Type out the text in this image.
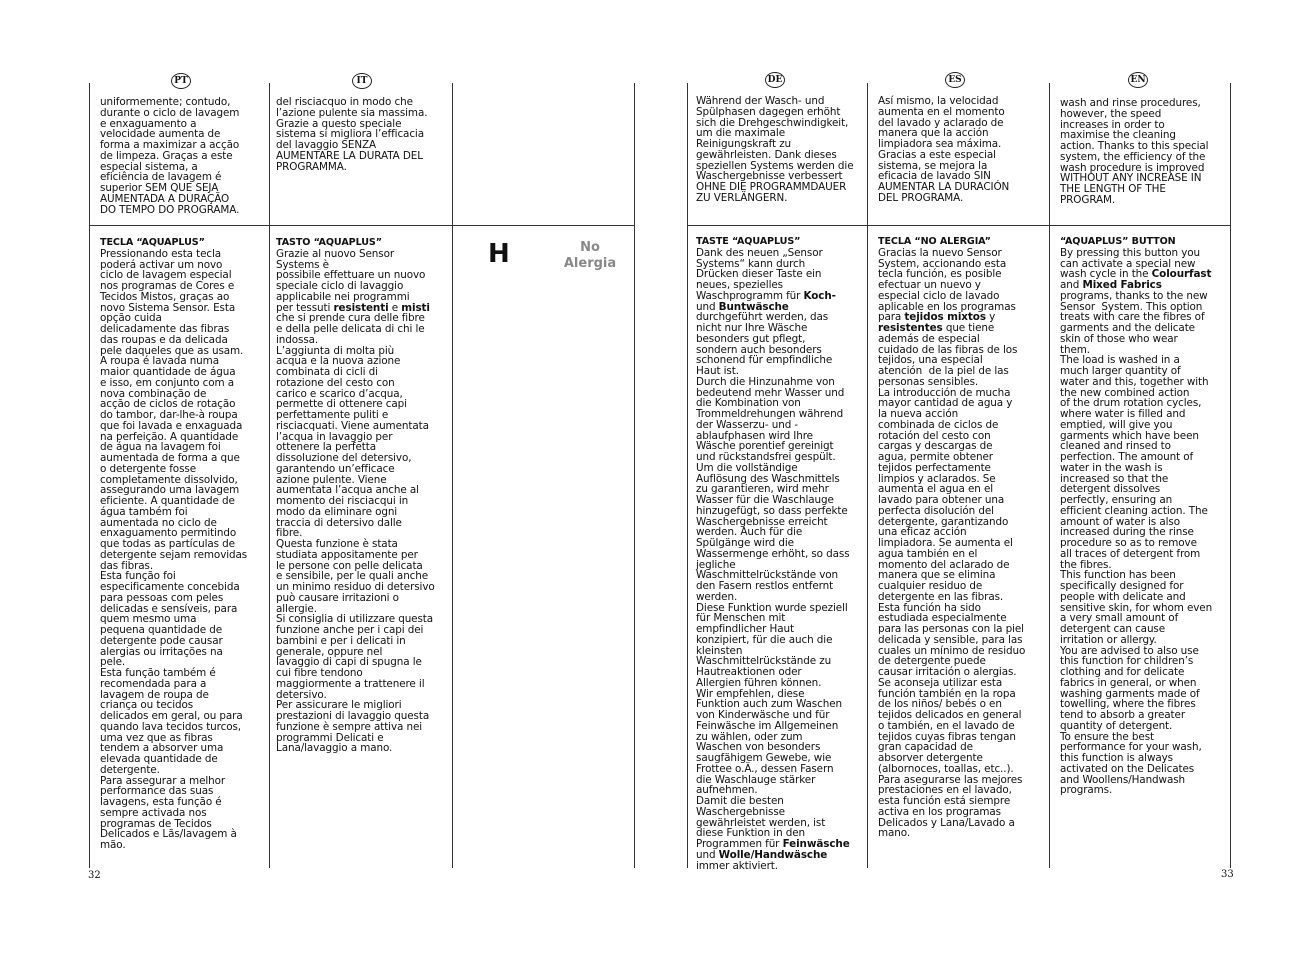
PT	IT	DE	ES	EN
uniformemente; contudo,
durante o ciclo de lavagem
e enxaguamento a
velocidade aumenta de
forma a maximizar a acção
de limpeza. Graças a este
especial sistema, a
eficiência de lavagem é
superior SEM QUE SEJA
AUMENTADA A DURAÇÃO
DO TEMPO DO PROGRAMA.
del risciacquo in modo che
l’azione pulente sia massima.
Grazie a questo speciale
sistema si migliora l’efficacia
del lavaggio SENZA
AUMENTARE LA DURATA DEL
PROGRAMMA.
Während der Wasch- und
Spülphasen dagegen erhöht
sich die Drehgeschwindigkeit,
um die maximale
Reinigungskraft zu
gewährleisten. Dank dieses
speziellen Systems werden die
Waschergebnisse verbessert
OHNE DIE PROGRAMMDAUER
ZU VERLÄNGERN.
Así mismo, la velocidad
aumenta en el momento
del lavado y aclarado de
manera que la acción
limpiadora sea máxima.
Gracias a este especial
sistema, se mejora la
eficacia de lavado SIN
AUMENTAR LA DURACIÓN
DEL PROGRAMA.
wash and rinse procedures,
however, the speed
increases in order to
maximise the cleaning
action. Thanks to this special
system, the efficiency of the
wash procedure is improved
WITHOUT ANY INCREASE IN
THE LENGTH OF THE
PROGRAM.
TECLA “AQUAPLUS”
Pressionando esta tecla
poderá activar um novo
ciclo de lavagem especial
nos programas de Cores e
Tecidos Mistos, graças ao
novo Sistema Sensor. Esta
opção cuida
delicadamente das fibras
das roupas e da delicada
pele daqueles que as usam.
A roupa é lavada numa
maior quantidade de água
e isso, em conjunto com a
nova combinação de
acção de ciclos de rotação
do tambor, dar-lhe-à roupa
que foi lavada e enxaguada
na perfeição. A quantidade
de água na lavagem foi
aumentada de forma a que
o detergente fosse
completamente dissolvido,
assegurando uma lavagem
eficiente. A quantidade de
água também foi
aumentada no ciclo de
enxaguamento permitindo
que todas as partículas de
detergente sejam removidas
das fibras.
Esta função foi
especificamente concebida
para pessoas com peles
delicadas e sensíveis, para
quem mesmo uma
pequena quantidade de
detergente pode causar
alergias ou irritações na
pele.
Esta função também é
recomendada para a
lavagem de roupa de
criança ou tecidos
delicados em geral, ou para
quando lava tecidos turcos,
uma vez que as fibras
tendem a absorver uma
elevada quantidade de
detergente.
Para assegurar a melhor
performance das suas
lavagens, esta função é
sempre activada nos
programas de Tecidos
Delicados e Lãs/lavagem à
mão.
TASTO “AQUAPLUS”
Grazie al nuovo Sensor
Systems è
possibile effettuare un nuovo
speciale ciclo di lavaggio
applicabile nei programmi
per tessuti resistenti e misti
che si prende cura delle fibre
e della pelle delicata di chi le
indossa.
L’aggiunta di molta più
acqua e la nuova azione
combinata di cicli di
rotazione del cesto con
carico e scarico d’acqua,
permette di ottenere capi
perfettamente puliti e
risciacquati. Viene aumentata
l’acqua in lavaggio per
ottenere la perfetta
dissoluzione del detersivo,
garantendo un’efficace
azione pulente. Viene
aumentata l’acqua anche al
momento dei risciacqui in
modo da eliminare ogni
traccia di detersivo dalle
fibre.
Questa funzione è stata
studiata appositamente per
le persone con pelle delicata
e sensibile, per le quali anche
un minimo residuo di detersivo
può causare irritazioni o
allergie.
Si consiglia di utilizzare questa
funzione anche per i capi dei
bambini e per i delicati in
generale, oppure nel
lavaggio di capi di spugna le
cui fibre tendono
maggiormente a trattenere il
detersivo.
Per assicurare le migliori
prestazioni di lavaggio questa
funzione è sempre attiva nei
programmi Delicati e
Lana/lavaggio a mano.
H	No
Alergia
TASTE “AQUAPLUS”
Dank des neuen „Sensor
Systems“ kann durch
Drücken dieser Taste ein
neues, spezielles
Waschprogramm für Koch-
und Buntwäsche
durchgeführt werden, das
nicht nur Ihre Wäsche
besonders gut pflegt,
sondern auch besonders
schonend für empfindliche
Haut ist.
Durch die Hinzunahme von
bedeutend mehr Wasser und
die Kombination von
Trommeldrehungen während
der Wasserzu- und -
ablaufphasen wird Ihre
Wäsche porentief gereinigt
und rückstandsfrei gespült.
Um die vollständige
Auflösung des Waschmittels
zu garantieren, wird mehr
Wasser für die Waschlauge
hinzugefügt, so dass perfekte
Waschergebnisse erreicht
werden. Auch für die
Spülgänge wird die
Wassermenge erhöht, so dass
jegliche
Waschmittelrückstände von
den Fasern restlos entfernt
werden.
Diese Funktion wurde speziell
für Menschen mit
empfindlicher Haut
konzipiert, für die auch die
kleinsten
Waschmittelrückstände zu
Hautreaktionen oder
Allergien führen können.
Wir empfehlen, diese
Funktion auch zum Waschen
von Kinderwäsche und für
Feinwäsche im Allgemeinen
zu wählen, oder zum
Waschen von besonders
saugfähigem Gewebe, wie
Frottee o.Ä., dessen Fasern
die Waschlauge stärker
aufnehmen.
Damit die besten
Waschergebnisse
gewährleistet werden, ist
diese Funktion in den
Programmen für Feinwäsche
und Wolle/Handwäsche
immer aktiviert.
TECLA “NO ALERGIA”
Gracias la nuevo Sensor
System, accionando esta
tecla función, es posible
efectuar un nuevo y
especial ciclo de lavado
aplicable en los programas
para tejidos mixtos y
resistentes que tiene
además de especial
cuidado de las fibras de los
tejidos, una especial
atención  de la piel de las
personas sensibles.
La introducción de mucha
mayor cantidad de agua y
la nueva acción
combinada de ciclos de
rotación del cesto con
cargas y descargas de
agua, permite obtener
tejidos perfectamente
limpios y aclarados. Se
aumenta el agua en el
lavado para obtener una
perfecta disolución del
detergente, garantizando
una eficaz acción
limpiadora. Se aumenta el
agua también en el
momento del aclarado de
manera que se elimina
cualquier residuo de
detergente en las fibras.
Esta función ha sido
estudiada especialmente
para las personas con la piel
delicada y sensible, para las
cuales un mínimo de residuo
de detergente puede
causar irritación o alergias.
Se aconseja utilizar esta
función también en la ropa
de los niños/ bebés o en
tejidos delicados en general
o también, en el lavado de
tejidos cuyas fibras tengan
gran capacidad de
absorver detergente
(albornoces, toallas, etc..).
Para asegurarse las mejores
prestaciones en el lavado,
esta función está siempre
activa en los programas
Delicados y Lana/Lavado a
mano.
“AQUAPLUS” BUTTON
By pressing this button you
can activate a special new
wash cycle in the Colourfast
and Mixed Fabrics
programs, thanks to the new
Sensor  System. This option
treats with care the fibres of
garments and the delicate
skin of those who wear
them.
The load is washed in a
much larger quantity of
water and this, together with
the new combined action
of the drum rotation cycles,
where water is filled and
emptied, will give you
garments which have been
cleaned and rinsed to
perfection. The amount of
water in the wash is
increased so that the
detergent dissolves
perfectly, ensuring an
efficient cleaning action. The
amount of water is also
increased during the rinse
procedure so as to remove
all traces of detergent from
the fibres.
This function has been
specifically designed for
people with delicate and
sensitive skin, for whom even
a very small amount of
detergent can cause
irritation or allergy.
You are advised to also use
this function for children’s
clothing and for delicate
fabrics in general, or when
washing garments made of
towelling, where the fibres
tend to absorb a greater
quantity of detergent.
To ensure the best
performance for your wash,
this function is always
activated on the Delicates
and Woollens/Handwash
programs.
32	33
